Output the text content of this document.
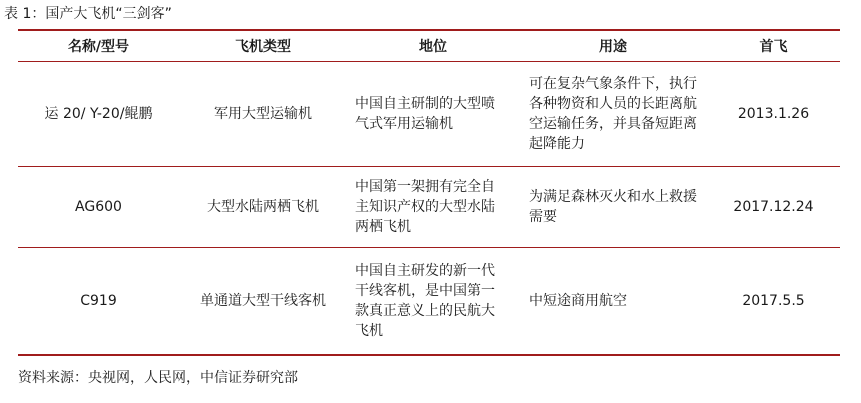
表 1：国产大飞机“三剑客”
名称/型号	飞机类型	地位	用途	首飞
运 20/ Y-20/鲲鹏	军用大型运输机	中国自主研制的大型喷气式军用运输机	可在复杂气象条件下，执行各种物资和人员的长距离航空运输任务，并具备短距离起降能力	2013.1.26
AG600	大型水陆两栖飞机	中国第一架拥有完全自主知识产权的大型水陆两栖飞机	为满足森林灭火和水上救援需要	2017.12.24
C919	单通道大型干线客机	中国自主研发的新一代干线客机，是中国第一款真正意义上的民航大飞机	中短途商用航空	2017.5.5
资料来源：央视网，人民网，中信证券研究部
